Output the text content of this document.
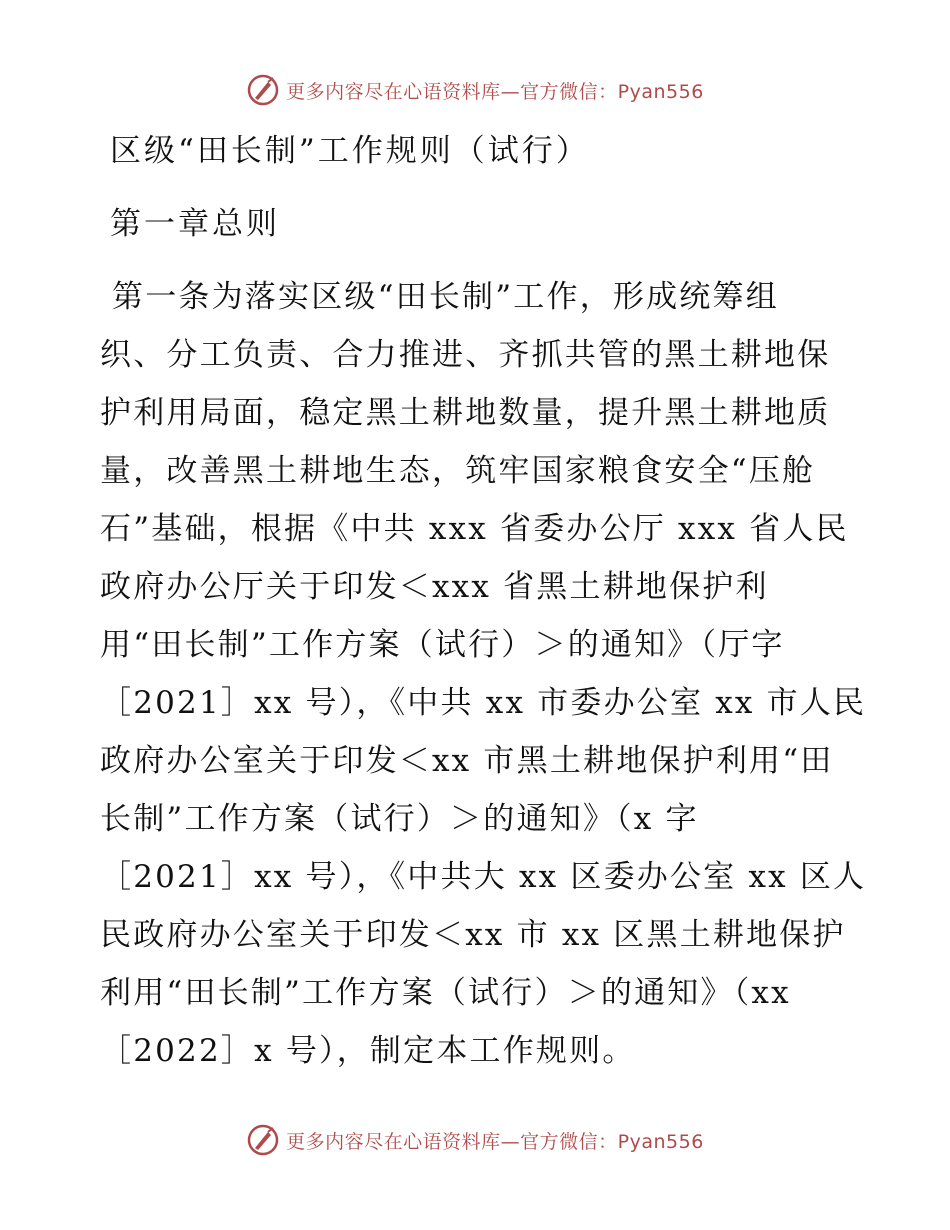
更多内容尽在心语资料库—官方微信：Pyan556
区级“田长制”工作规则（试行）
第一章总则
第一条为落实区级“田长制”工作，形成统筹组
织、分工负责、合力推进、齐抓共管的黑土耕地保
护利用局面，稳定黑土耕地数量，提升黑土耕地质
量，改善黑土耕地生态，筑牢国家粮食安全“压舱
石”基础，根据《中共 xxx 省委办公厅 xxx 省人民
政府办公厅关于印发＜xxx 省黑土耕地保护利
用“田长制”工作方案（试行）＞的通知》（厅字
［2021］xx 号），《中共 xx 市委办公室 xx 市人民
政府办公室关于印发＜xx 市黑土耕地保护利用“田
长制”工作方案（试行）＞的通知》（x 字
［2021］xx 号），《中共大 xx 区委办公室 xx 区人
民政府办公室关于印发＜xx 市 xx 区黑土耕地保护
利用“田长制”工作方案（试行）＞的通知》（xx
［2022］x 号），制定本工作规则。
更多内容尽在心语资料库—官方微信：Pyan556
